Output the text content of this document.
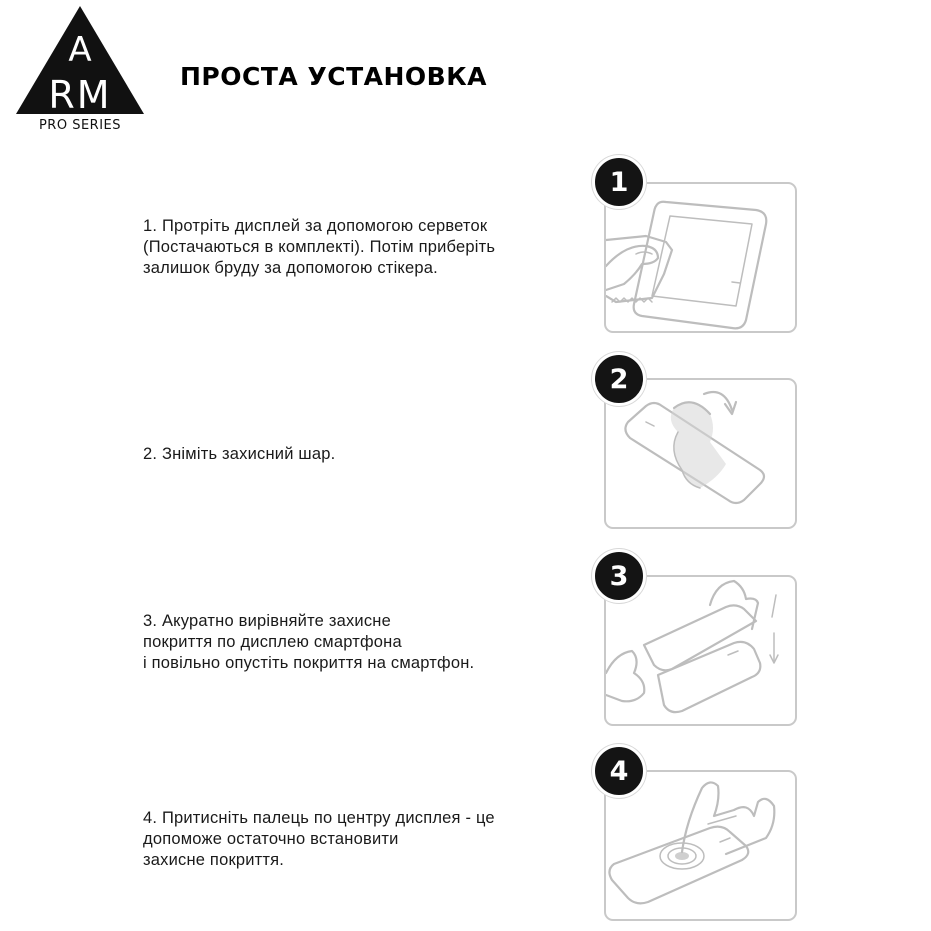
A
RM
PRO SERIES
ПРОСТА УСТАНОВКА

1. Протріть дисплей за допомогою серветок
(Постачаються в комплекті). Потім приберіть
залишок бруду за допомогою стікера.

1

2. Зніміть захисний шар.

2

3. Акуратно вирівняйте захисне
покриття по дисплею смартфона
і повільно опустіть покриття на смартфон.

3

4. Притисніть палець по центру дисплея - це
допоможе остаточно встановити
захисне покриття.

4
